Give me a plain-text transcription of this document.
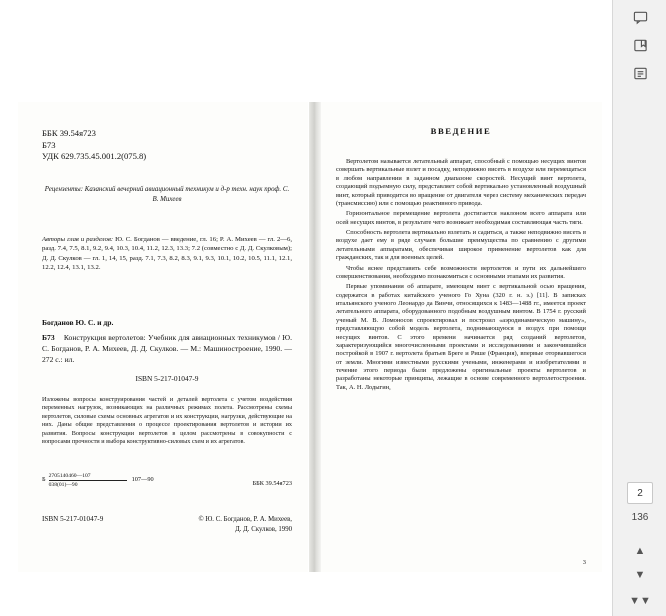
ББК 39.54я723
Б73
УДК 629.735.45.001.2(075.8)
Рецензенты: Казанский вечерний авиационный техникум и д-р техн. наук проф. С. В. Михеев
Авторы глав и разделов: Ю. С. Богданов — введение, гл. 16; Р. А. Михеев — гл. 2—6, разд. 7.4, 7.5, 8.1, 9.2, 9.4, 10.3, 10.4, 11.2, 12.3, 13.3; 7.2 (совместно с Д. Д. Скулковым); Д. Д. Скулков — гл. 1, 14, 15, разд. 7.1, 7.3, 8.2, 8.3, 9.1, 9.3, 10.1, 10.2, 10.5, 11.1, 12.1, 12.2, 12.4, 13.1, 13.2.
Богданов Ю. С. и др.
Б73 Конструкция вертолетов: Учебник для авиационных техникумов / Ю. С. Богданов, Р. А. Михеев, Д. Д. Скулков. — М.: Машиностроение, 1990. — 272 с.: ил.
ISBN 5-217-01047-9
Изложены вопросы конструирования частей и деталей вертолета с учетом воздействия переменных нагрузок, возникающих на различных режимах полета. Рассмотрены схемы вертолетов, силовые схемы основных агрегатов и их конструкции, нагрузки, действующие на них. Даны общие представления о процессе проектирования вертолетов и истории их развития. Вопросы конструкции вертолетов в целом рассмотрены в совокупности с вопросами прочности и выбора конструктивно-силовых схем и их агрегатов.
Б $\frac{2705140460—107}{038(01)—90}$ 107—90
ББК 39.54я723
ISBN 5-217-01047-9	© Ю. С. Богданов, Р. А. Михеев,
Д. Д. Скулков, 1990
ВВЕДЕНИЕ

Вертолетом называется летательный аппарат, способный с помощью несущих винтов совершать вертикальные взлет и посадку, неподвижно висеть в воздухе или перемещаться в любом направлении в заданном диапазоне скоростей. Несущий винт вертолета, создающий подъемную силу, представляет собой вертикально установленный воздушный винт, который приводится во вращение от двигателя через систему механических передач (трансмиссию) или с помощью реактивного привода.

Горизонтальное перемещение вертолета достигается наклоном всего аппарата или осей несущих винтов, в результате чего возникает необходимая составляющая часть тяги.

Способность вертолета вертикально взлетать и садиться, а также неподвижно висеть в воздухе дает ему в ряде случаев большие преимущества по сравнению с другими летательными аппаратами, обеспечивая широкое применение вертолетов как для гражданских, так и для военных целей.

Чтобы яснее представить себе возможности вертолетов и пути их дальнейшего совершенствования, необходимо познакомиться с основными этапами их развития.

Первые упоминания об аппарате, имеющем винт с вертикальной осью вращения, содержатся в работах китайского ученого Го Хуна (320 г. н. э.) [11]. В записках итальянского ученого Леонардо да Винчи, относящихся к 1483—1488 гг., имеется проект летательного аппарата, оборудованного подобным воздушным винтом. В 1754 г. русский ученый М. В. Ломоносов спроектировал и построил «аэродинамическую машину», представляющую собой модель вертолета, поднимающуюся в воздух при помощи несущих винтов. С этого времени начинается ряд созданий вертолетов, характеризующийся многочисленными проектами и исследованиями и закончившийся постройкой в 1907 г. вертолета братьев Бреге и Рише (Франция), впервые оторвавшегося от земли. Многими известными русскими учеными, инженерами и изобретателями в течение этого периода были предложены оригинальные проекты вертолетов и разработаны некоторые принципы, лежащие в основе современного вертолетостроения. Так, А. Н. Лодыгин,

3
2
136
▲
▼
▼▼
